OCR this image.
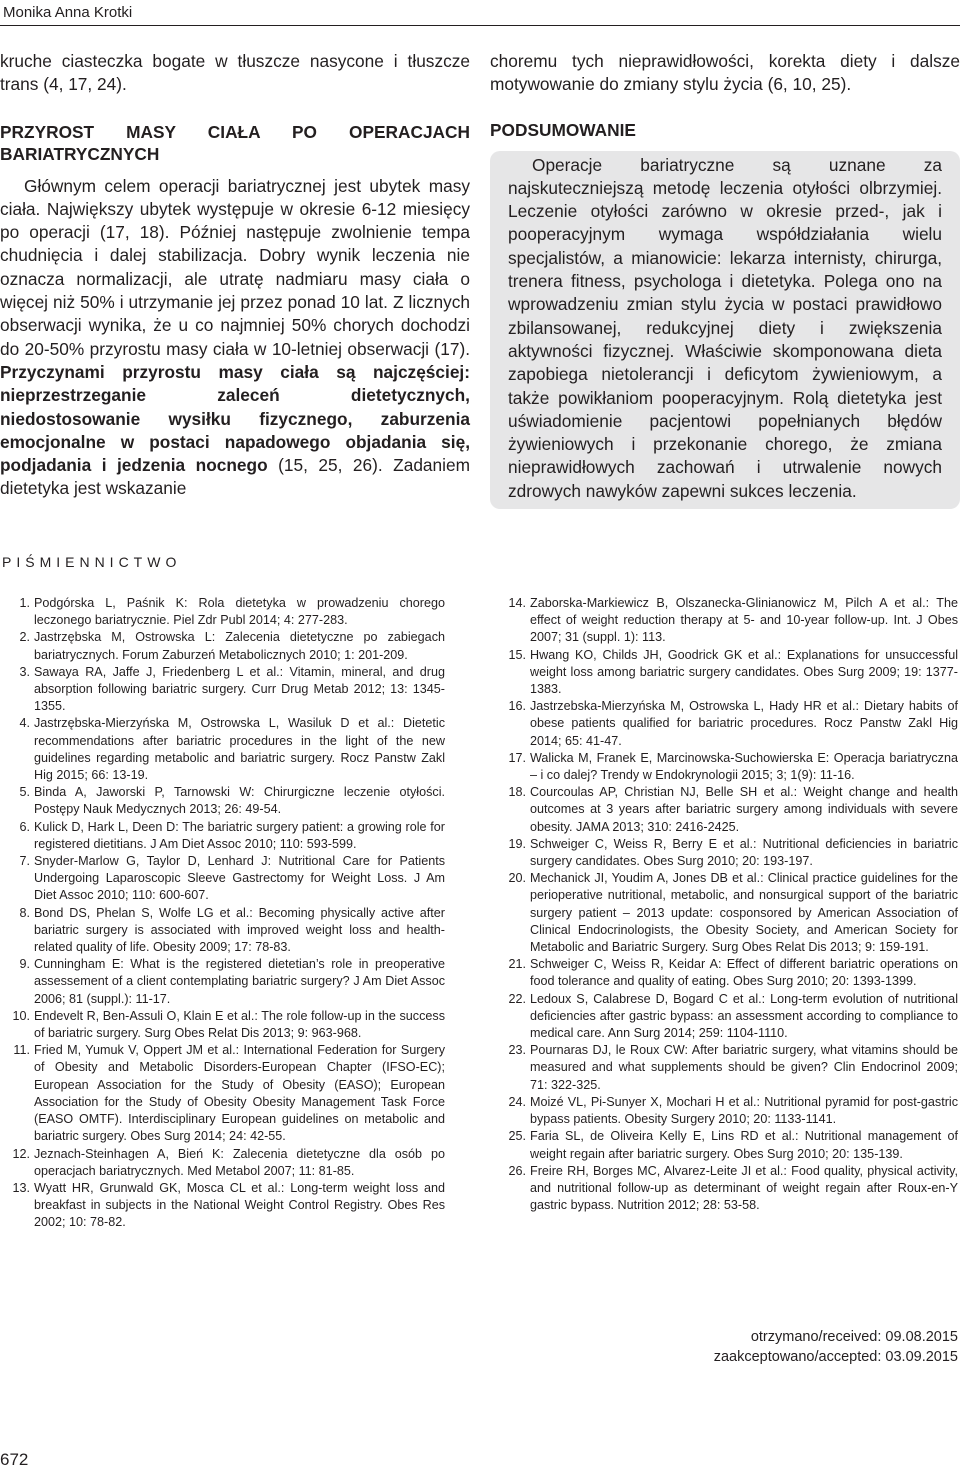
Monika Anna Krotki

kruche ciasteczka bogate w tłuszcze nasycone i tłuszcze trans (4, 17, 24).

PRZYROST MASY CIAŁA PO OPERACJACH BARIATRYCZNYCH

Głównym celem operacji bariatrycznej jest ubytek masy ciała. Największy ubytek występuje w okresie 6-12 miesięcy po operacji (17, 18). Później następuje zwolnienie tempa chudnięcia i dalej stabilizacja. Dobry wynik leczenia nie oznacza normalizacji, ale utratę nadmiaru masy ciała o więcej niż 50% i utrzymanie jej przez ponad 10 lat. Z licznych obserwacji wynika, że u co najmniej 50% chorych dochodzi do 20-50% przyrostu masy ciała w 10-letniej obserwacji (17). Przyczynami przyrostu masy ciała są najczęściej: nieprzestrzeganie zaleceń dietetycznych, niedostosowanie wysiłku fizycznego, zaburzenia emocjonalne w postaci napadowego objadania się, podjadania i jedzenia nocnego (15, 25, 26). Zadaniem dietetyka jest wskazanie

choremu tych nieprawidłowości, korekta diety i dalsze motywowanie do zmiany stylu życia (6, 10, 25).

PODSUMOWANIE

Operacje bariatryczne są uznane za najskuteczniejszą metodę leczenia otyłości olbrzymiej. Leczenie otyłości zarówno w okresie przed-, jak i pooperacyjnym wymaga współdziałania wielu specjalistów, a mianowicie: lekarza internisty, chirurga, trenera fitness, psychologa i dietetyka. Polega ono na wprowadzeniu zmian stylu życia w postaci prawidłowo zbilansowanej, redukcyjnej diety i zwiększenia aktywności fizycznej. Właściwie skomponowana dieta zapobiega nietolerancji i deficytom żywieniowym, a także powikłaniom pooperacyjnym. Rolą dietetyka jest uświadomienie pacjentowi popełnianych błędów żywieniowych i przekonanie chorego, że zmiana nieprawidłowych zachowań i utrwalenie nowych zdrowych nawyków zapewni sukces leczenia.

PIŚMIENNICTWO
1. Podgórska L, Paśnik K: Rola dietetyka w prowadzeniu chorego leczonego bariatrycznie. Piel Zdr Publ 2014; 4: 277-283.
2. Jastrzębska M, Ostrowska L: Zalecenia dietetyczne po zabiegach bariatrycznych. Forum Zaburzeń Metabolicznych 2010; 1: 201-209.
3. Sawaya RA, Jaffe J, Friedenberg L et al.: Vitamin, mineral, and drug absorption following bariatric surgery. Curr Drug Metab 2012; 13: 1345-1355.
4. Jastrzębska-Mierzyńska M, Ostrowska L, Wasiluk D et al.: Dietetic recommendations after bariatric procedures in the light of the new guidelines regarding metabolic and bariatric surgery. Rocz Panstw Zakl Hig 2015; 66: 13-19.
5. Binda A, Jaworski P, Tarnowski W: Chirurgiczne leczenie otyłości. Postępy Nauk Medycznych 2013; 26: 49-54.
6. Kulick D, Hark L, Deen D: The bariatric surgery patient: a growing role for registered dietitians. J Am Diet Assoc 2010; 110: 593-599.
7. Snyder-Marlow G, Taylor D, Lenhard J: Nutritional Care for Patients Undergoing Laparoscopic Sleeve Gastrectomy for Weight Loss. J Am Diet Assoc 2010; 110: 600-607.
8. Bond DS, Phelan S, Wolfe LG et al.: Becoming physically active after bariatric surgery is associated with improved weight loss and health-related quality of life. Obesity 2009; 17: 78-83.
9. Cunningham E: What is the registered dietetian’s role in preoperative assessement of a client contemplating bariatric surgery? J Am Diet Assoc 2006; 81 (suppl.): 11-17.
10. Endevelt R, Ben-Assuli O, Klain E et al.: The role follow-up in the success of bariatric surgery. Surg Obes Relat Dis 2013; 9: 963-968.
11. Fried M, Yumuk V, Oppert JM et al.: International Federation for Surgery of Obesity and Metabolic Disorders-European Chapter (IFSO-EC); European Association for the Study of Obesity (EASO); European Association for the Study of Obesity Obesity Management Task Force (EASO OMTF). Interdisciplinary European guidelines on metabolic and bariatric surgery. Obes Surg 2014; 24: 42-55.
12. Jeznach-Steinhagen A, Bień K: Zalecenia dietetyczne dla osób po operacjach bariatrycznych. Med Metabol 2007; 11: 81-85.
13. Wyatt HR, Grunwald GK, Mosca CL et al.: Long-term weight loss and breakfast in subjects in the National Weight Control Registry. Obes Res 2002; 10: 78-82.
14. Zaborska-Markiewicz B, Olszanecka-Glinianowicz M, Pilch A et al.: The effect of weight reduction therapy at 5- and 10-year follow-up. Int. J Obes 2007; 31 (suppl. 1): 113.
15. Hwang KO, Childs JH, Goodrick GK et al.: Explanations for unsuccessful weight loss among bariatric surgery candidates. Obes Surg 2009; 19: 1377-1383.
16. Jastrzebska-Mierzyńska M, Ostrowska L, Hady HR et al.: Dietary habits of obese patients qualified for bariatric procedures. Rocz Panstw Zakl Hig 2014; 65: 41-47.
17. Walicka M, Franek E, Marcinowska-Suchowierska E: Operacja bariatryczna – i co dalej? Trendy w Endokrynologii 2015; 3; 1(9): 11-16.
18. Courcoulas AP, Christian NJ, Belle SH et al.: Weight change and health outcomes at 3 years after bariatric surgery among individuals with severe obesity. JAMA 2013; 310: 2416-2425.
19. Schweiger C, Weiss R, Berry E et al.: Nutritional deficiencies in bariatric surgery candidates. Obes Surg 2010; 20: 193-197.
20. Mechanick JI, Youdim A, Jones DB et al.: Clinical practice guidelines for the perioperative nutritional, metabolic, and nonsurgical support of the bariatric surgery patient – 2013 update: cosponsored by American Association of Clinical Endocrinologists, the Obesity Society, and American Society for Metabolic and Bariatric Surgery. Surg Obes Relat Dis 2013; 9: 159-191.
21. Schweiger C, Weiss R, Keidar A: Effect of different bariatric operations on food tolerance and quality of eating. Obes Surg 2010; 20: 1393-1399.
22. Ledoux S, Calabrese D, Bogard C et al.: Long-term evolution of nutritional deficiencies after gastric bypass: an assessment according to compliance to medical care. Ann Surg 2014; 259: 1104-1110.
23. Pournaras DJ, le Roux CW: After bariatric surgery, what vitamins should be measured and what supplements should be given? Clin Endocrinol 2009; 71: 322-325.
24. Moizé VL, Pi-Sunyer X, Mochari H et al.: Nutritional pyramid for post-gastric bypass patients. Obesity Surgery 2010; 20: 1133-1141.
25. Faria SL, de Oliveira Kelly E, Lins RD et al.: Nutritional management of weight regain after bariatric surgery. Obes Surg 2010; 20: 135-139.
26. Freire RH, Borges MC, Alvarez-Leite JI et al.: Food quality, physical activity, and nutritional follow-up as determinant of weight regain after Roux-en-Y gastric bypass. Nutrition 2012; 28: 53-58.
otrzymano/received: 09.08.2015
zaakceptowano/accepted: 03.09.2015
672
